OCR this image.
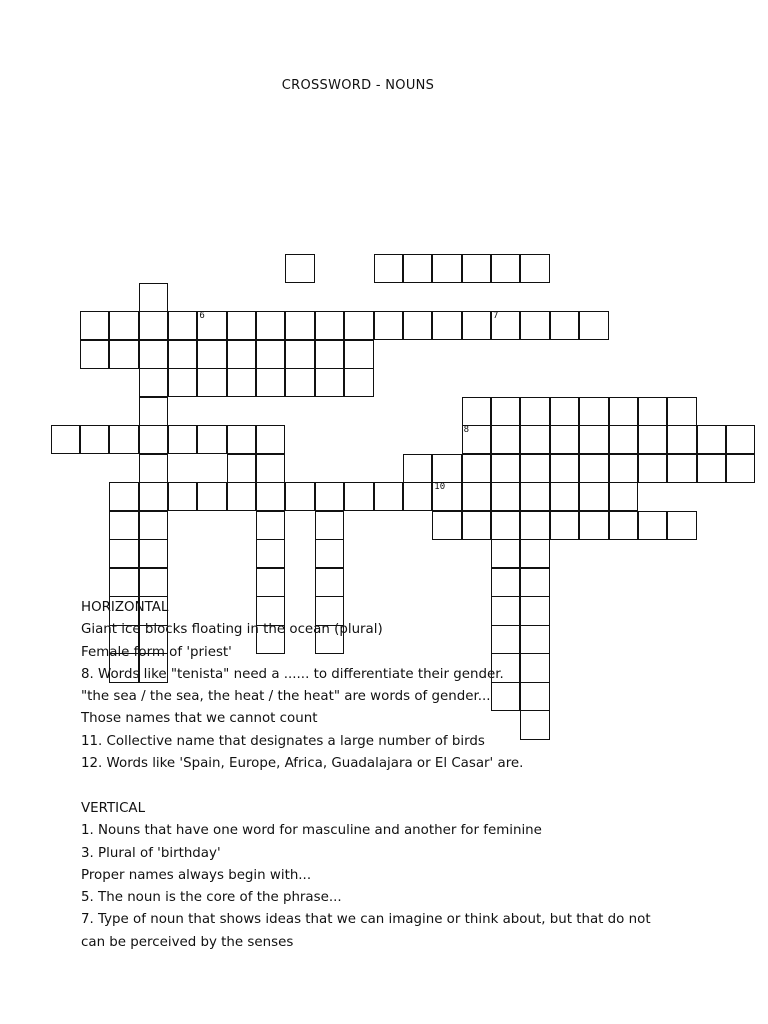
CROSSWORD - NOUNS
6
8
7
10

HORIZONTAL

Giant ice blocks floating in the ocean (plural)

Female form of 'priest'

8. Words like "tenista" need a ...... to differentiate their gender.

"the sea / the sea, the heat / the heat" are words of gender...

Those names that we cannot count

11. Collective name that designates a large number of birds

12. Words like 'Spain, Europe, Africa, Guadalajara or El Casar' are.

VERTICAL

1. Nouns that have one word for masculine and another for feminine

3. Plural of 'birthday'

Proper names always begin with...

5. The noun is the core of the phrase...

7. Type of noun that shows ideas that we can imagine or think about, but that do not

can be perceived by the senses
